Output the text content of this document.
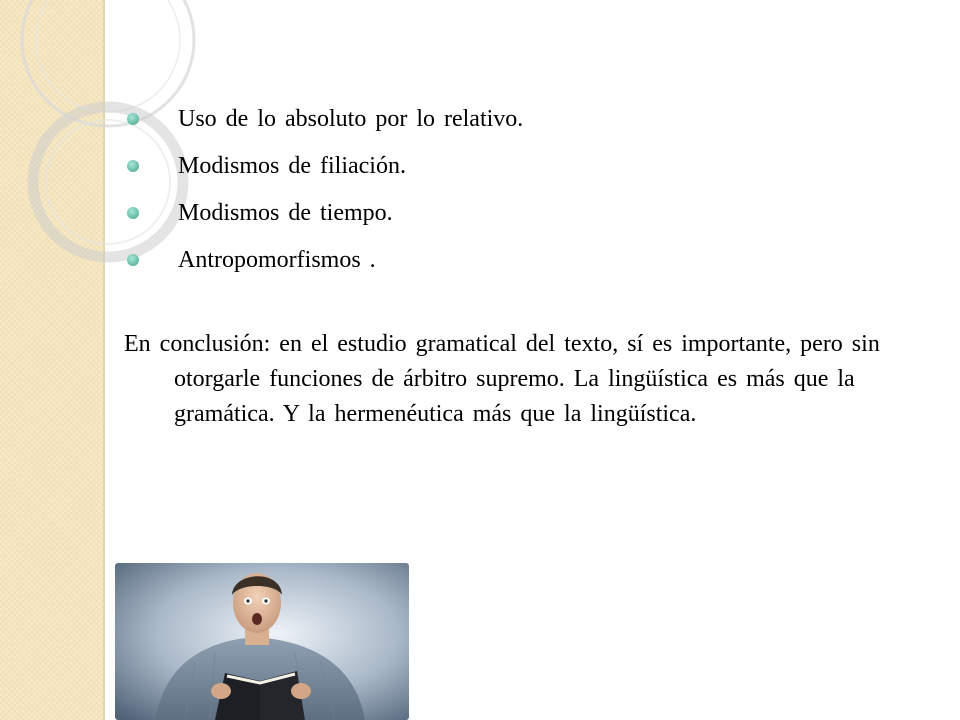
Uso de lo absoluto por lo relativo.
Modismos de filiación.
Modismos de tiempo.
Antropomorfismos .

En conclusión: en el estudio gramatical del texto, sí es importante, pero sin otorgarle funciones de árbitro supremo. La lingüística es más que la gramática. Y la hermenéutica más que la lingüística.
